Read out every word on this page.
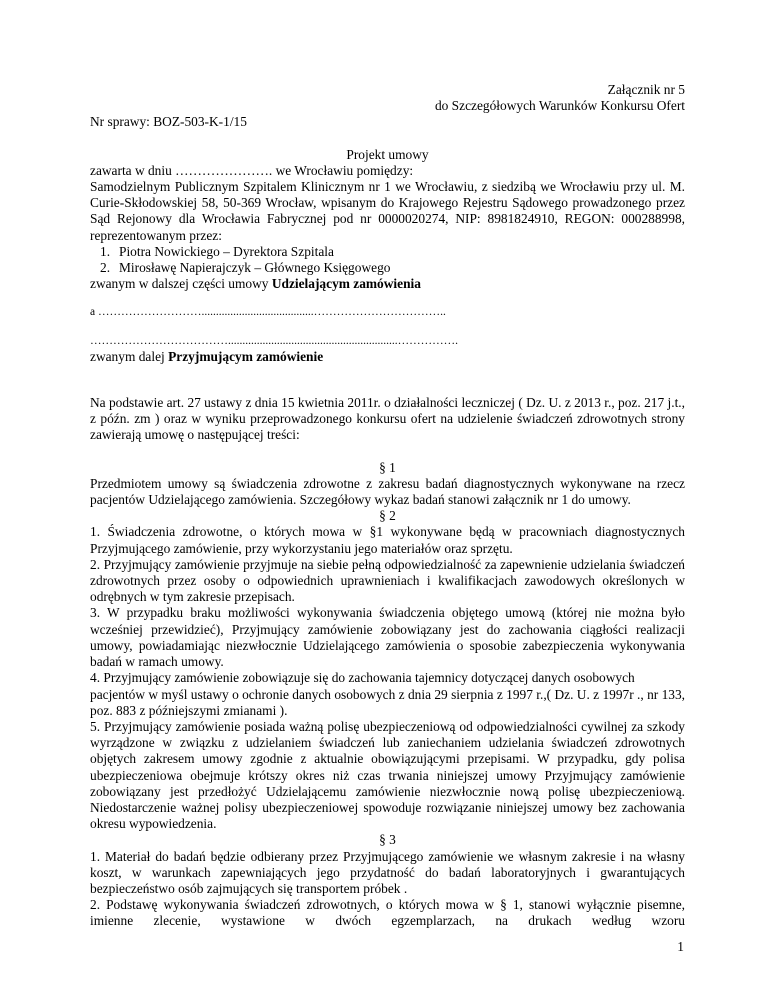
Załącznik nr 5

do Szczegółowych Warunków Konkursu Ofert

Nr sprawy: BOZ-503-K-1/15

Projekt umowy

zawarta w dniu …………………. we Wrocławiu pomiędzy:

Samodzielnym Publicznym Szpitalem Klinicznym nr 1 we Wrocławiu, z siedzibą we Wrocławiu przy ul. M. Curie-Skłodowskiej 58, 50-369 Wrocław, wpisanym do Krajowego Rejestru Sądowego prowadzonego przez Sąd Rejonowy dla Wrocławia Fabrycznej pod nr 0000020274, NIP: 8981824910, REGON: 000288998, reprezentowanym przez:

1. Piotra Nowickiego – Dyrektora Szpitala
2. Mirosławę Napierajczyk – Głównego Księgowego

zwanym w dalszej części umowy Udzielającym zamówienia

a ……………………….......................................……………………………..

………………………………...........................................................…………….

zwanym dalej Przyjmującym zamówienie

Na podstawie art. 27 ustawy z dnia 15 kwietnia 2011r. o działalności leczniczej ( Dz. U. z 2013 r., poz. 217 j.t., z późn. zm ) oraz w wyniku przeprowadzonego konkursu ofert na udzielenie świadczeń zdrowotnych strony zawierają umowę o następującej treści:

§ 1

Przedmiotem umowy są świadczenia zdrowotne z zakresu badań diagnostycznych wykonywane na rzecz pacjentów Udzielającego zamówienia. Szczegółowy wykaz badań stanowi załącznik nr 1 do umowy.

§ 2

1. Świadczenia zdrowotne, o których mowa w §1 wykonywane będą w pracowniach diagnostycznych Przyjmującego zamówienie, przy wykorzystaniu jego materiałów oraz sprzętu.

2. Przyjmujący zamówienie przyjmuje na siebie pełną odpowiedzialność za zapewnienie udzielania świadczeń zdrowotnych przez osoby o odpowiednich uprawnieniach i kwalifikacjach zawodowych określonych w odrębnych w tym zakresie przepisach.

3. W przypadku braku możliwości wykonywania świadczenia objętego umową (której nie można było wcześniej przewidzieć), Przyjmujący zamówienie zobowiązany jest do zachowania ciągłości realizacji umowy, powiadamiając niezwłocznie Udzielającego zamówienia o sposobie zabezpieczenia wykonywania badań w ramach umowy.

4. Przyjmujący zamówienie zobowiązuje się do zachowania tajemnicy dotyczącej danych osobowych pacjentów w myśl ustawy o ochronie danych osobowych z dnia 29 sierpnia z 1997 r.,( Dz. U. z 1997r ., nr 133, poz. 883 z późniejszymi zmianami ).

5. Przyjmujący zamówienie posiada ważną polisę ubezpieczeniową od odpowiedzialności cywilnej za szkody wyrządzone w związku z udzielaniem świadczeń lub zaniechaniem udzielania świadczeń zdrowotnych objętych zakresem umowy zgodnie z aktualnie obowiązującymi przepisami. W przypadku, gdy polisa ubezpieczeniowa obejmuje krótszy okres niż czas trwania niniejszej umowy Przyjmujący zamówienie zobowiązany jest przedłożyć Udzielającemu zamówienie niezwłocznie nową polisę ubezpieczeniową. Niedostarczenie ważnej polisy ubezpieczeniowej spowoduje rozwiązanie niniejszej umowy bez zachowania okresu wypowiedzenia.

§ 3

1. Materiał do badań będzie odbierany przez Przyjmującego zamówienie we własnym zakresie i na własny koszt, w warunkach zapewniających jego przydatność do badań laboratoryjnych i gwarantujących bezpieczeństwo osób zajmujących się transportem próbek .

2. Podstawę wykonywania świadczeń zdrowotnych, o których mowa w § 1, stanowi wyłącznie pisemne, imienne zlecenie, wystawione w dwóch egzemplarzach, na drukach według wzoru

1
